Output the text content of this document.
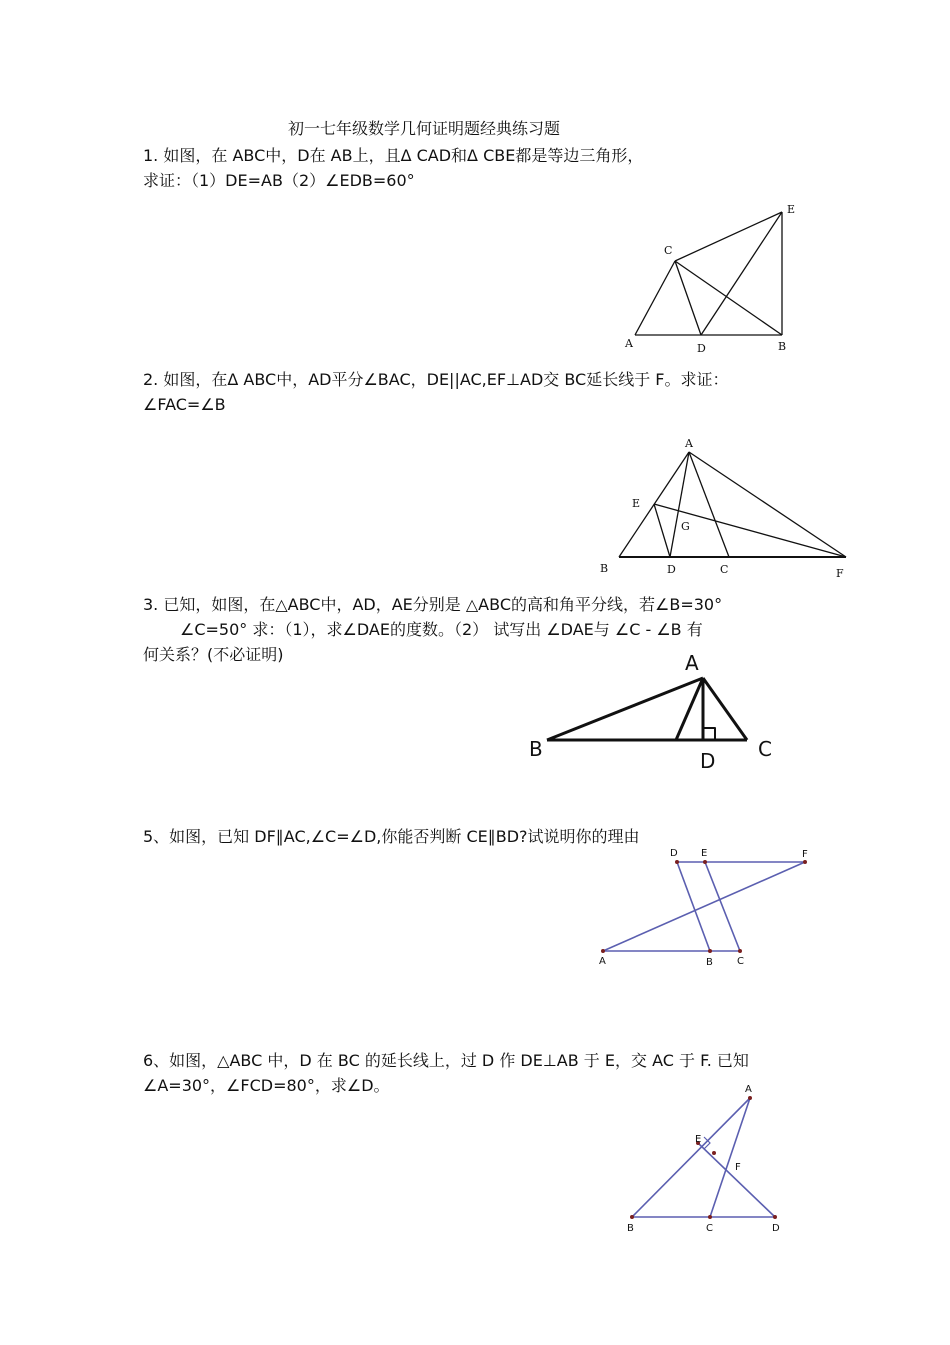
初一七年级数学几何证明题经典练习题
1. 如图，在 ABC中，D在 AB上，且Δ CAD和Δ CBE都是等边三角形，
求证：（1）DE=AB（2）∠EDB=60°
A	D	B
C
E
2. 如图，在Δ ABC中，AD平分∠BAC，DE||AC,EF⊥AD交 BC延长线于 F。求证：
∠FAC=∠B
A
E
G
B	D	C	F
3. 已知，如图，在△ABC中，AD，AE分别是 △ABC的高和角平分线，若∠B=30°
∠C=50° 求：（1），求∠DAE的度数。（2） 试写出 ∠DAE与 ∠C - ∠B 有
何关系？(不必证明)	A
B	C
D
5、如图，已知 DF∥AC,∠C=∠D,你能否判断 CE∥BD?试说明你的理由
A	B C
D E	F
6、如图，△ABC 中，D 在 BC 的延长线上，过 D 作 DE⊥AB 于 E，交 AC 于 F. 已知
∠A=30°，∠FCD=80°，求∠D。	A
E
F
B	C	D
